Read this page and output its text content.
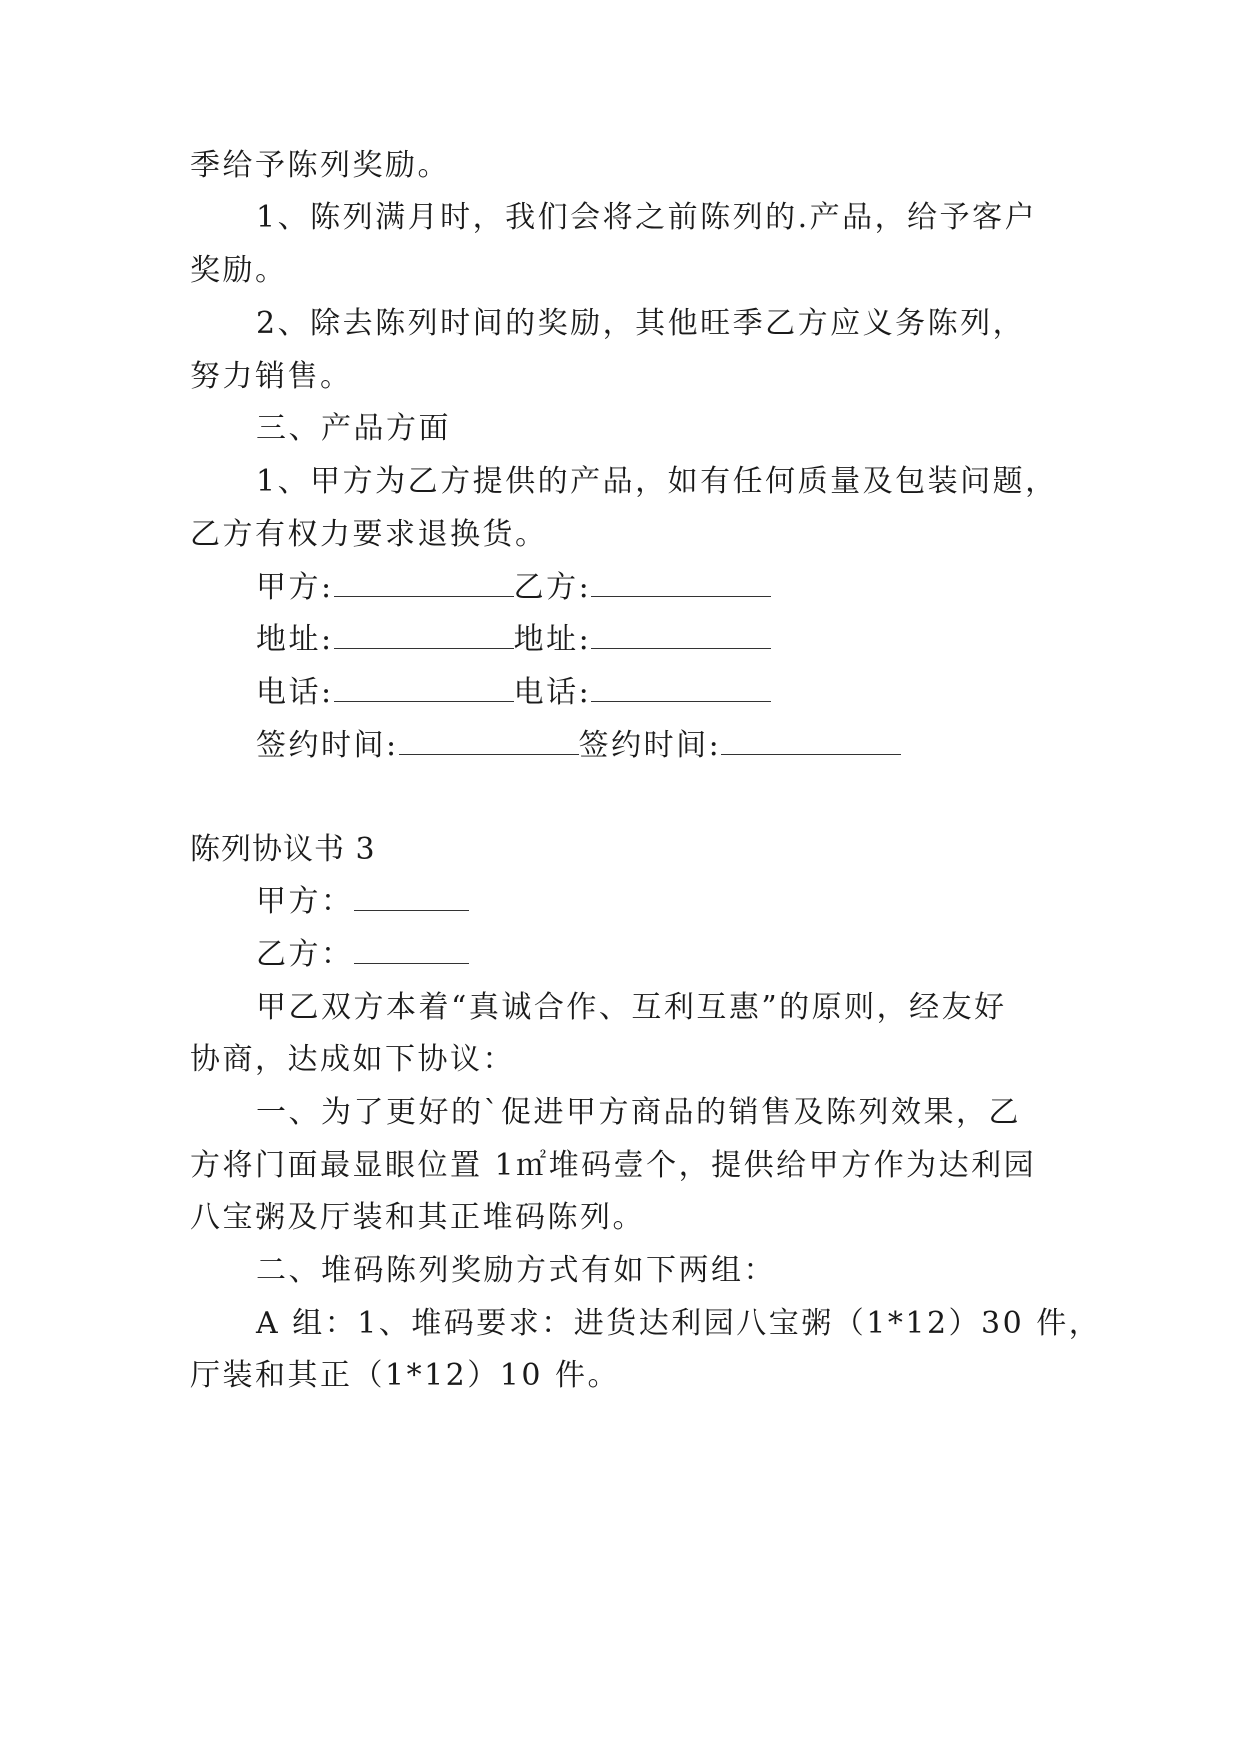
季给予陈列奖励。
1、陈列满月时，我们会将之前陈列的.产品，给予客户
奖励。
2、除去陈列时间的奖励，其他旺季乙方应义务陈列，
努力销售。
三、产品方面
1、甲方为乙方提供的产品，如有任何质量及包装问题，
乙方有权力要求退换货。
甲方:	乙方:
地址:	地址:
电话:	电话:
签约时间:	签约时间:
陈列协议书 3
甲方：
乙方：
甲乙双方本着“真诚合作、互利互惠”的原则，经友好
协商，达成如下协议：
一、为了更好的`促进甲方商品的销售及陈列效果，乙
方将门面最显眼位置 1㎡堆码壹个，提供给甲方作为达利园
八宝粥及厅装和其正堆码陈列。
二、堆码陈列奖励方式有如下两组：
A 组：1、堆码要求：进货达利园八宝粥（1*12）30 件，
厅装和其正（1*12）10 件。
